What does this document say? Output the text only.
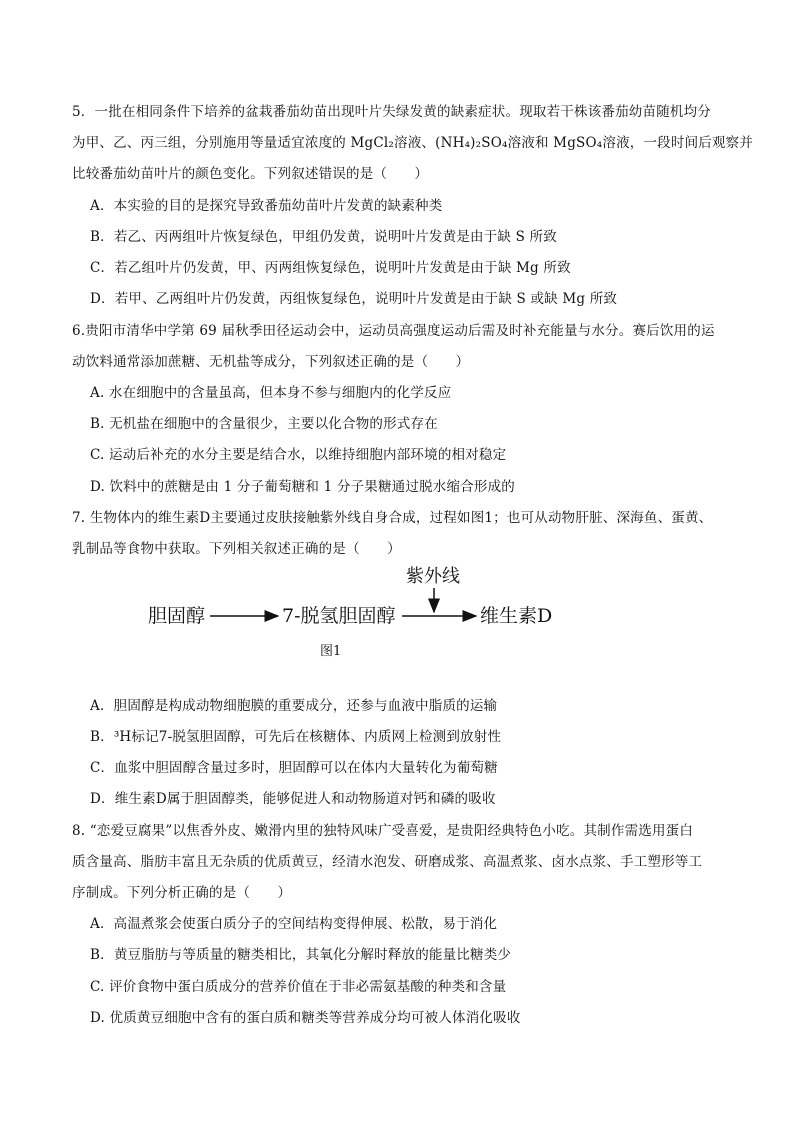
5．一批在相同条件下培养的盆栽番茄幼苗出现叶片失绿发黄的缺素症状。现取若干株该番茄幼苗随机均分
为甲、乙、丙三组，分别施用等量适宜浓度的 MgCl₂溶液、(NH₄)₂SO₄溶液和 MgSO₄溶液，一段时间后观察并
比较番茄幼苗叶片的颜色变化。下列叙述错误的是（　　）
A．本实验的目的是探究导致番茄幼苗叶片发黄的缺素种类
B．若乙、丙两组叶片恢复绿色，甲组仍发黄，说明叶片发黄是由于缺 S 所致
C．若乙组叶片仍发黄，甲、丙两组恢复绿色，说明叶片发黄是由于缺 Mg 所致
D．若甲、乙两组叶片仍发黄，丙组恢复绿色，说明叶片发黄是由于缺 S 或缺 Mg 所致
6.贵阳市清华中学第 69 届秋季田径运动会中，运动员高强度运动后需及时补充能量与水分。赛后饮用的运
动饮料通常添加蔗糖、无机盐等成分，下列叙述正确的是（　　）
A. 水在细胞中的含量虽高，但本身不参与细胞内的化学反应
B. 无机盐在细胞中的含量很少，主要以化合物的形式存在
C. 运动后补充的水分主要是结合水，以维持细胞内部环境的相对稳定
D. 饮料中的蔗糖是由 1 分子葡萄糖和 1 分子果糖通过脱水缩合形成的
7. 生物体内的维生素D主要通过皮肤接触紫外线自身合成，过程如图1；也可从动物肝脏、深海鱼、蛋黄、
乳制品等食物中获取。下列相关叙述正确的是（　　）
胆固醇	7-脱氢胆固醇
紫外线
维生素D
图1
A．胆固醇是构成动物细胞膜的重要成分，还参与血液中脂质的运输
B．³H标记7-脱氢胆固醇，可先后在核糖体、内质网上检测到放射性
C．血浆中胆固醇含量过多时，胆固醇可以在体内大量转化为葡萄糖
D．维生素D属于胆固醇类，能够促进人和动物肠道对钙和磷的吸收
8. “恋爱豆腐果”以焦香外皮、嫩滑内里的独特风味广受喜爱，是贵阳经典特色小吃。其制作需选用蛋白
质含量高、脂肪丰富且无杂质的优质黄豆，经清水泡发、研磨成浆、高温煮浆、卤水点浆、手工塑形等工
序制成。下列分析正确的是（　　）
A．高温煮浆会使蛋白质分子的空间结构变得伸展、松散，易于消化
B．黄豆脂肪与等质量的糖类相比，其氧化分解时释放的能量比糖类少
C. 评价食物中蛋白质成分的营养价值在于非必需氨基酸的种类和含量
D. 优质黄豆细胞中含有的蛋白质和糖类等营养成分均可被人体消化吸收
